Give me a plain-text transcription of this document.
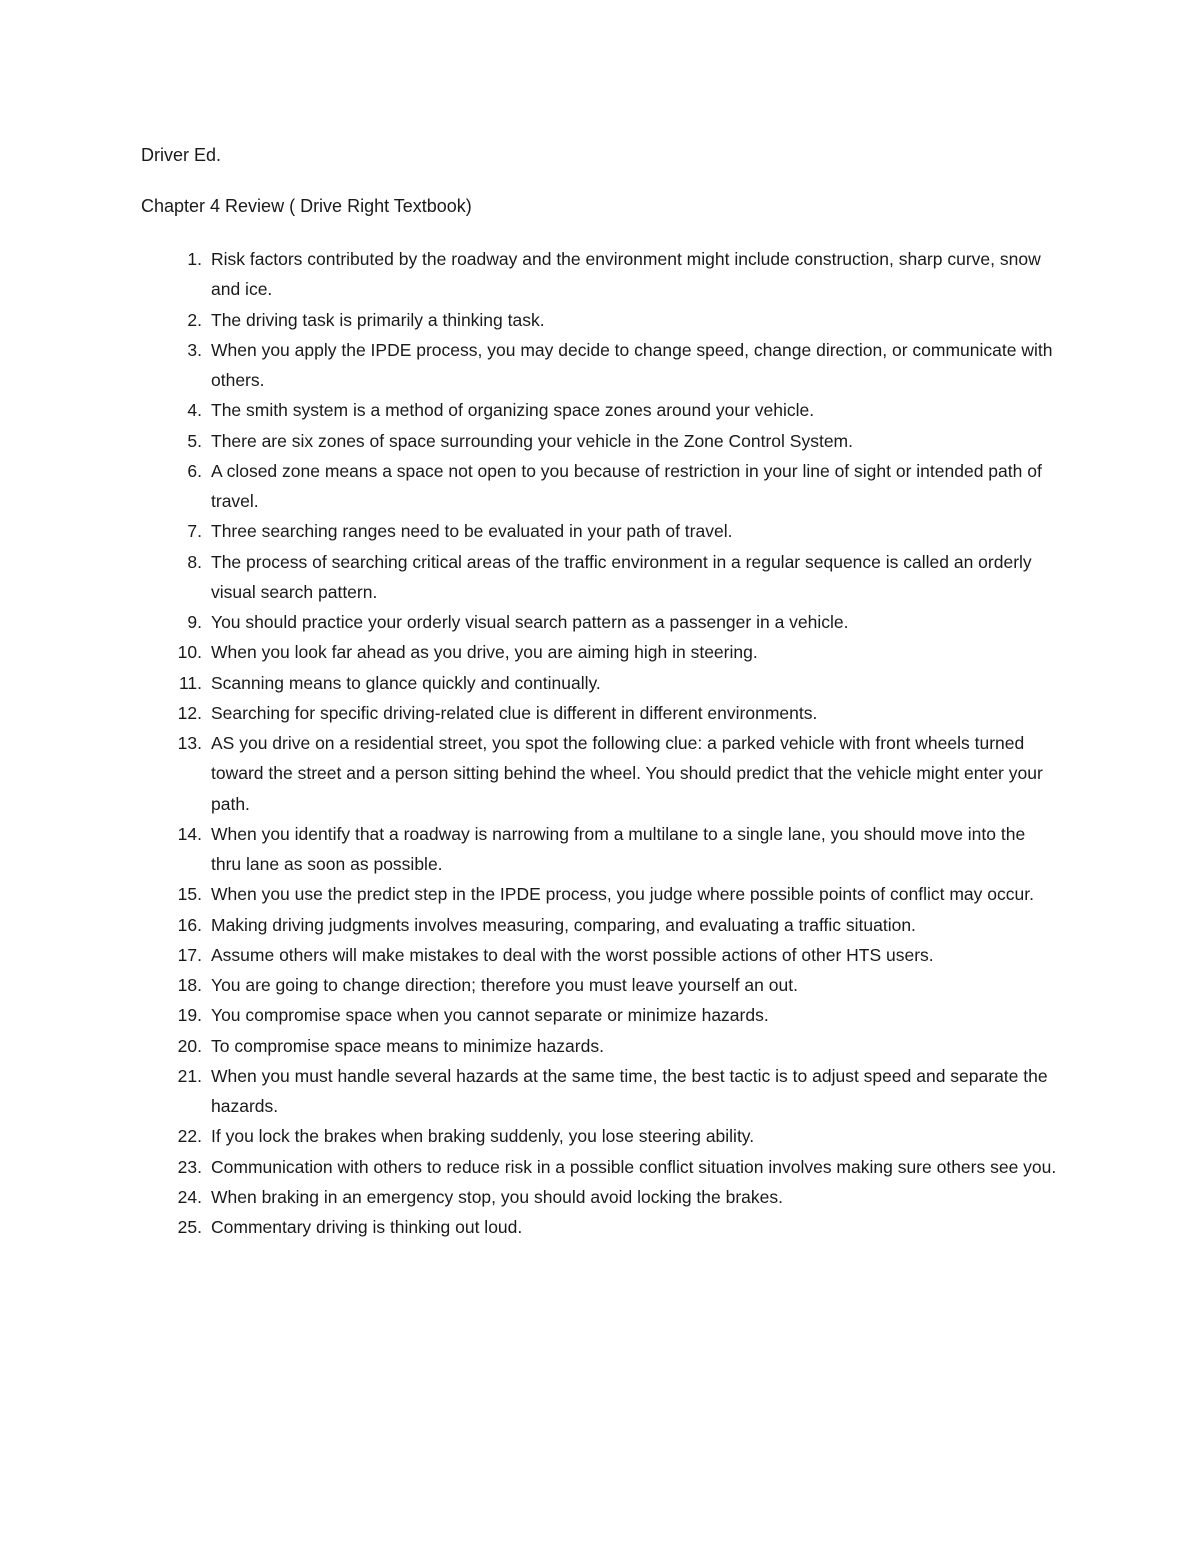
Driver Ed.
Chapter 4 Review ( Drive Right Textbook)
1. Risk factors contributed by the roadway and the environment might include construction, sharp curve, snow and ice.
2. The driving task is primarily a thinking task.
3. When you apply the IPDE process, you may decide to change speed, change direction, or communicate with others.
4. The smith system is a method of organizing space zones around your vehicle.
5. There are six zones of space surrounding your vehicle in the Zone Control System.
6. A closed zone means a space not open to you because of restriction in your line of sight or intended path of travel.
7. Three searching ranges need to be evaluated in your path of travel.
8. The process of searching critical areas of the traffic environment in a regular sequence is called an orderly visual search pattern.
9. You should practice your orderly visual search pattern as a passenger in a vehicle.
10. When you look far ahead as you drive, you are aiming high in steering.
11. Scanning means to glance quickly and continually.
12. Searching for specific driving-related clue is different in different environments.
13. AS you drive on a residential street, you spot the following clue: a parked vehicle with front wheels turned toward the street and a person sitting behind the wheel. You should predict that the vehicle might enter your path.
14. When you identify that a roadway is narrowing from a multilane to a single lane, you should move into the thru lane as soon as possible.
15. When you use the predict step in the IPDE process, you judge where possible points of conflict may occur.
16. Making driving judgments involves measuring, comparing, and evaluating a traffic situation.
17. Assume others will make mistakes to deal with the worst possible actions of other HTS users.
18. You are going to change direction; therefore you must leave yourself an out.
19. You compromise space when you cannot separate or minimize hazards.
20. To compromise space means to minimize hazards.
21. When you must handle several hazards at the same time, the best tactic is to adjust speed and separate the hazards.
22. If you lock the brakes when braking suddenly, you lose steering ability.
23. Communication with others to reduce risk in a possible conflict situation involves making sure others see you.
24. When braking in an emergency stop, you should avoid locking the brakes.
25. Commentary driving is thinking out loud.
